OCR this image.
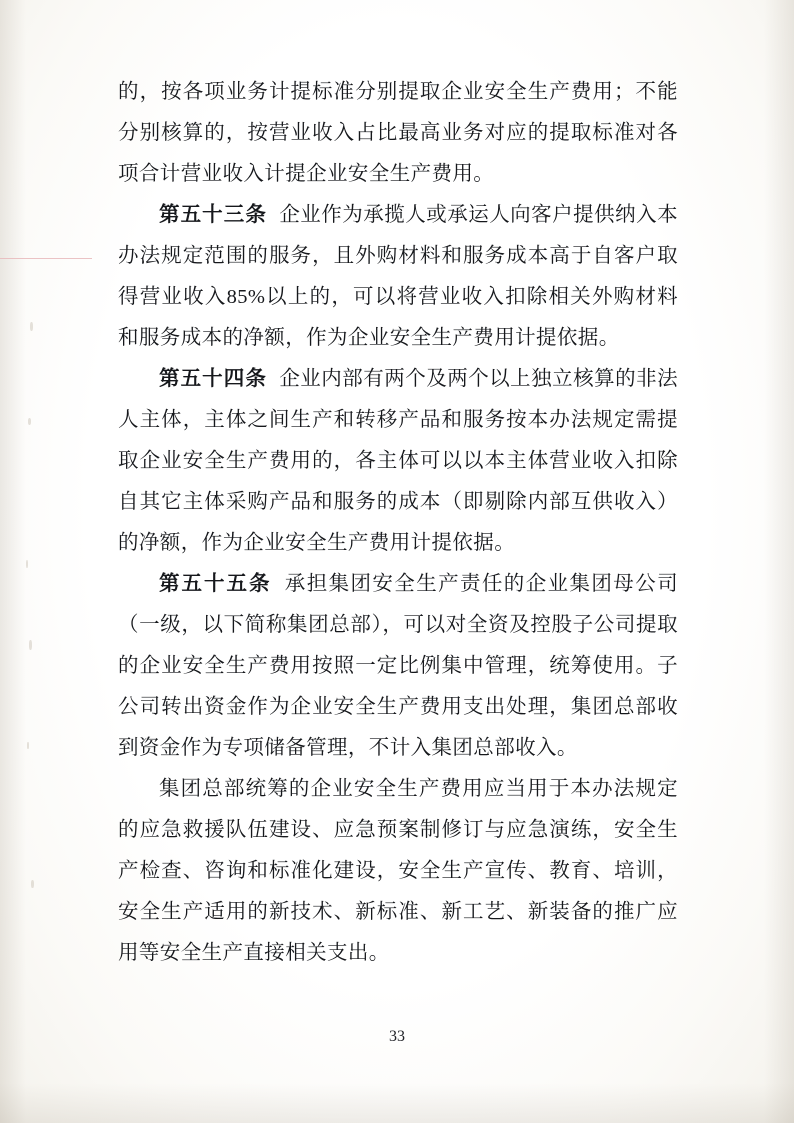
的，按各项业务计提标准分别提取企业安全生产费用；不能分别核算的，按营业收入占比最高业务对应的提取标准对各项合计营业收入计提企业安全生产费用。

第五十三条 企业作为承揽人或承运人向客户提供纳入本办法规定范围的服务，且外购材料和服务成本高于自客户取得营业收入85%以上的，可以将营业收入扣除相关外购材料和服务成本的净额，作为企业安全生产费用计提依据。

第五十四条 企业内部有两个及两个以上独立核算的非法人主体，主体之间生产和转移产品和服务按本办法规定需提取企业安全生产费用的，各主体可以以本主体营业收入扣除自其它主体采购产品和服务的成本（即剔除内部互供收入）的净额，作为企业安全生产费用计提依据。

第五十五条 承担集团安全生产责任的企业集团母公司（一级，以下简称集团总部），可以对全资及控股子公司提取的企业安全生产费用按照一定比例集中管理，统筹使用。子公司转出资金作为企业安全生产费用支出处理，集团总部收到资金作为专项储备管理，不计入集团总部收入。

集团总部统筹的企业安全生产费用应当用于本办法规定的应急救援队伍建设、应急预案制修订与应急演练，安全生产检查、咨询和标准化建设，安全生产宣传、教育、培训，安全生产适用的新技术、新标准、新工艺、新装备的推广应用等安全生产直接相关支出。

33
